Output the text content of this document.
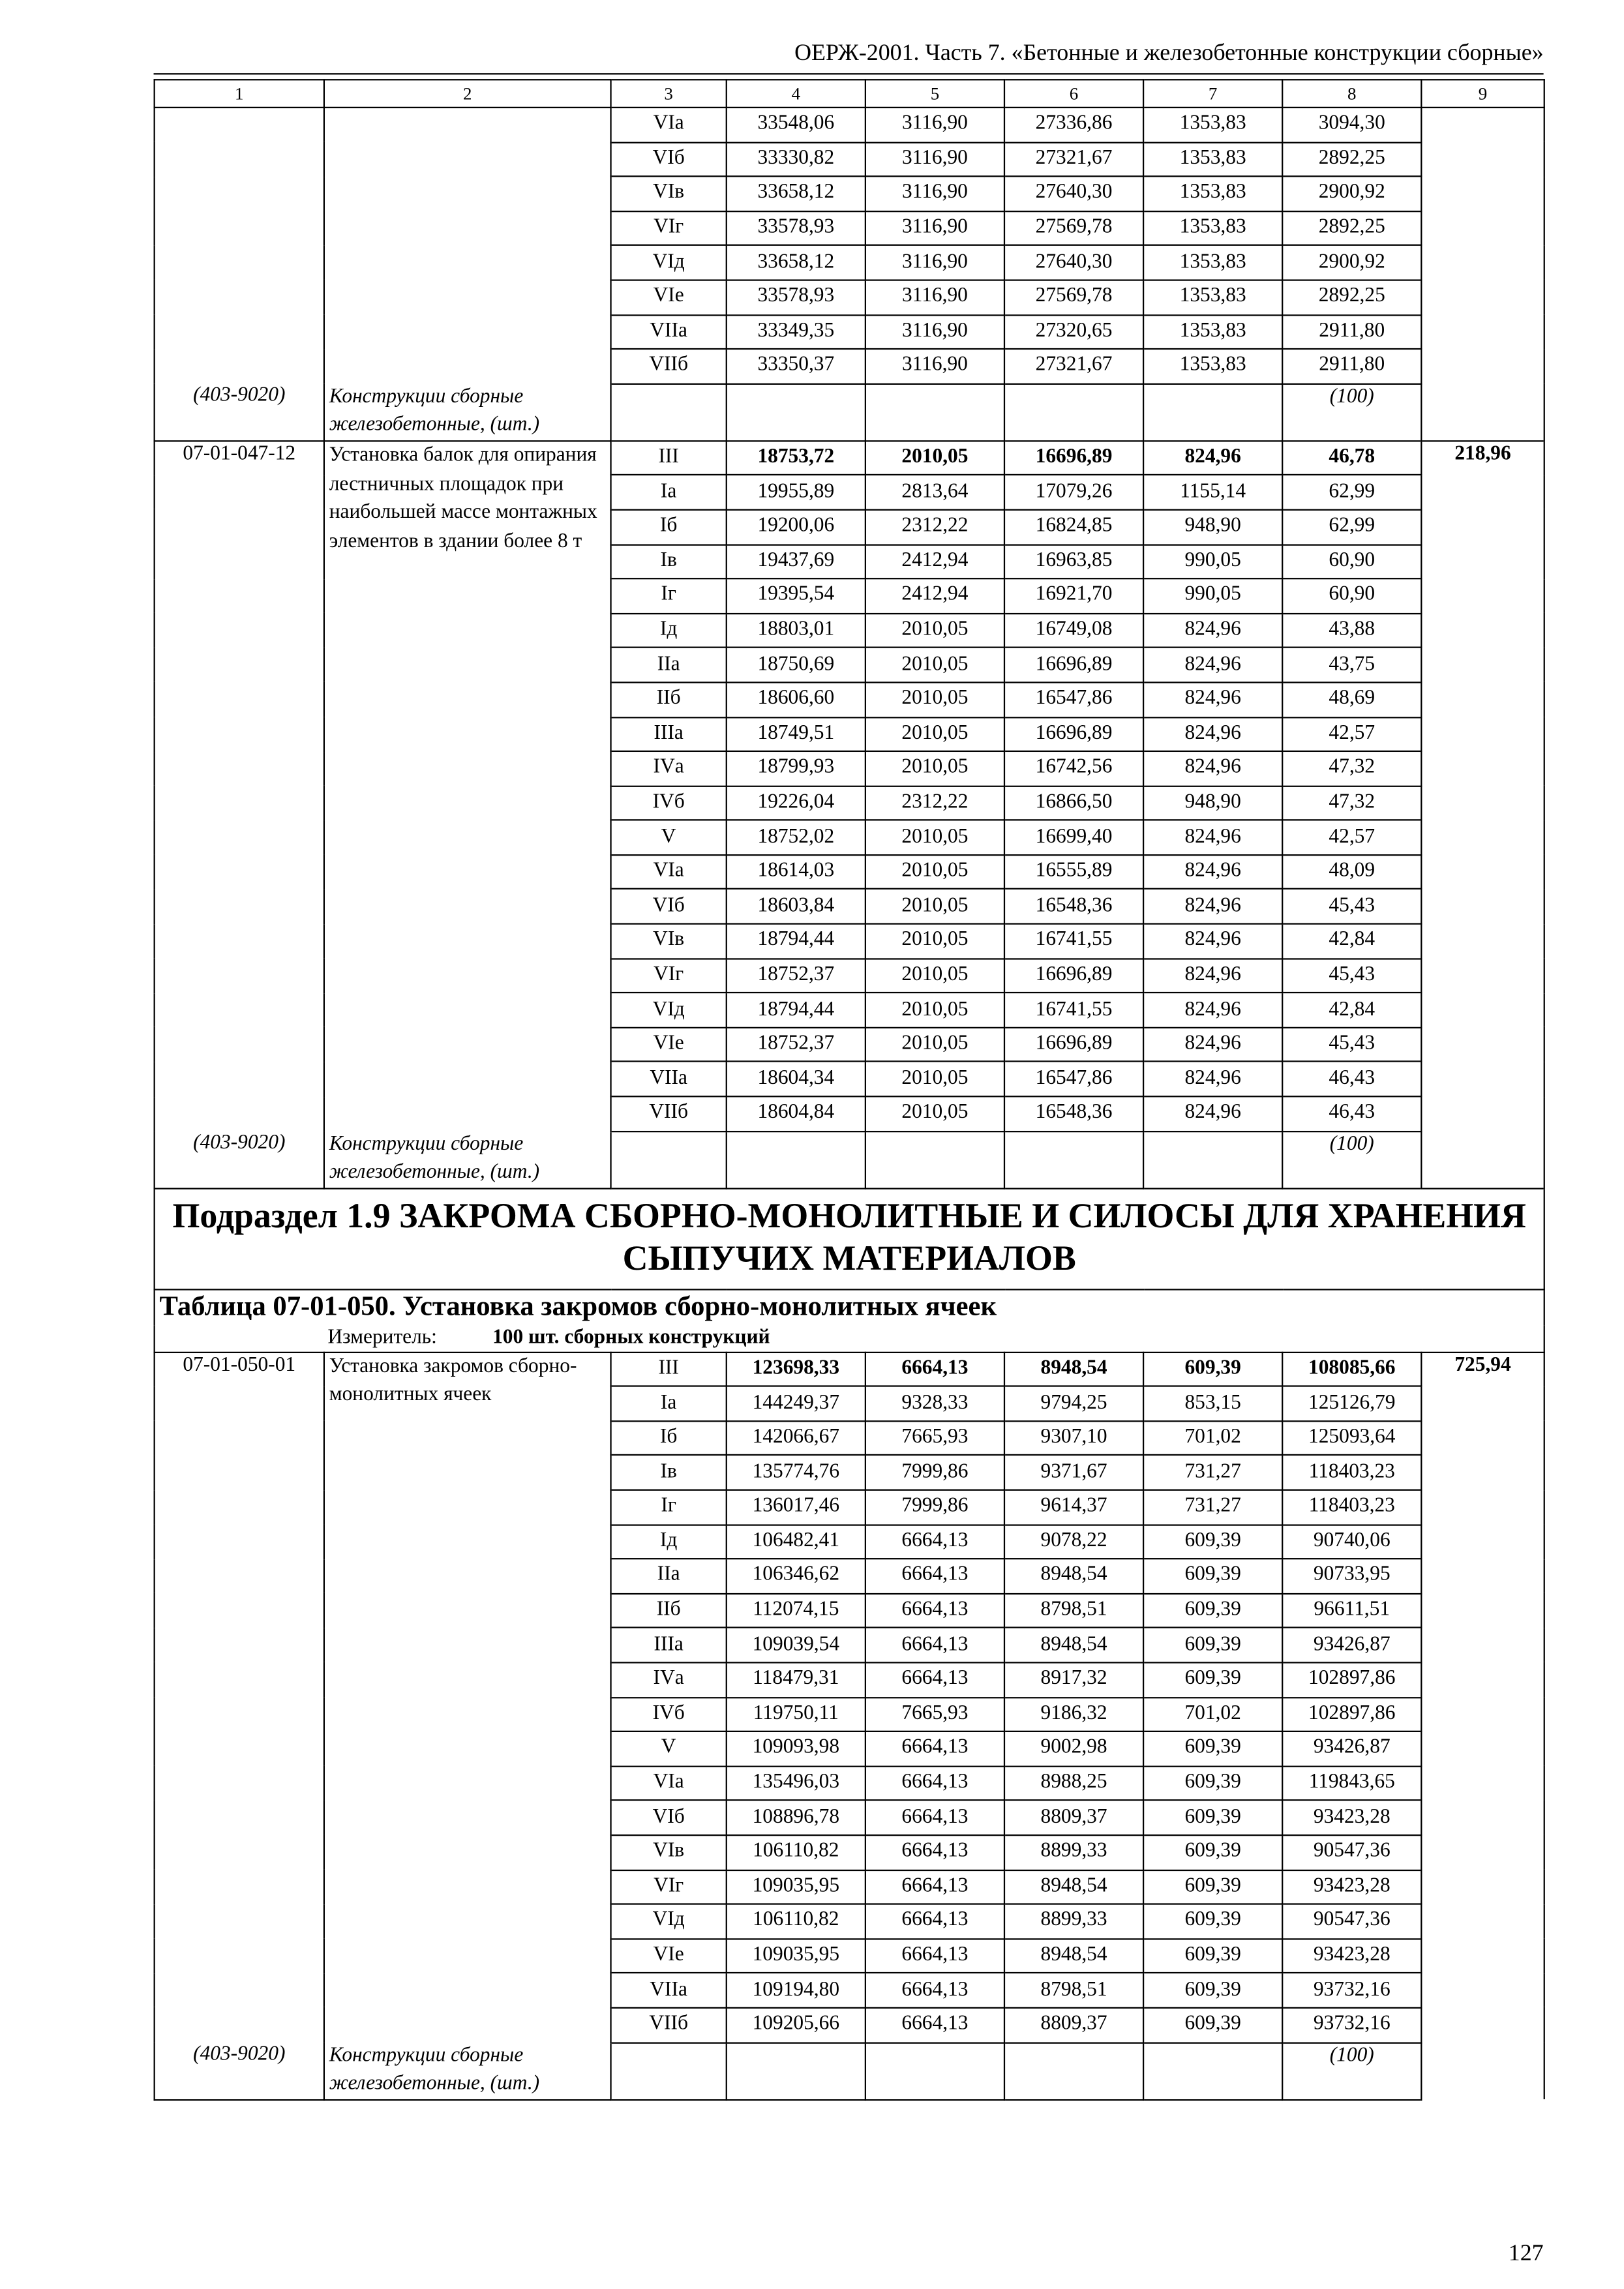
ОЕРЖ-2001. Часть 7. «Бетонные и железобетонные конструкции сборные»
1	2	3	4	5	6	7	8	9
		VIа	33548,06	3116,90	27336,86	1353,83	3094,30	
		VIб	33330,82	3116,90	27321,67	1353,83	2892,25	
		VIв	33658,12	3116,90	27640,30	1353,83	2900,92	
		VIг	33578,93	3116,90	27569,78	1353,83	2892,25	
		VIд	33658,12	3116,90	27640,30	1353,83	2900,92	
		VIе	33578,93	3116,90	27569,78	1353,83	2892,25	
		VIIа	33349,35	3116,90	27320,65	1353,83	2911,80	
		VIIб	33350,37	3116,90	27321,67	1353,83	2911,80	
(403-9020)	Конструкции сборные железобетонные, (шт.)						(100)	
07-01-047-12	Установка балок для опирания лестничных площадок при наибольшей массе монтажных элементов в здании более 8 т	III	18753,72	2010,05	16696,89	824,96	46,78	218,96
		Iа	19955,89	2813,64	17079,26	1155,14	62,99	
		Iб	19200,06	2312,22	16824,85	948,90	62,99	
		Iв	19437,69	2412,94	16963,85	990,05	60,90	
		Iг	19395,54	2412,94	16921,70	990,05	60,90	
		Iд	18803,01	2010,05	16749,08	824,96	43,88	
		IIа	18750,69	2010,05	16696,89	824,96	43,75	
		IIб	18606,60	2010,05	16547,86	824,96	48,69	
		IIIа	18749,51	2010,05	16696,89	824,96	42,57	
		IVа	18799,93	2010,05	16742,56	824,96	47,32	
		IVб	19226,04	2312,22	16866,50	948,90	47,32	
		V	18752,02	2010,05	16699,40	824,96	42,57	
		VIа	18614,03	2010,05	16555,89	824,96	48,09	
		VIб	18603,84	2010,05	16548,36	824,96	45,43	
		VIв	18794,44	2010,05	16741,55	824,96	42,84	
		VIг	18752,37	2010,05	16696,89	824,96	45,43	
		VIд	18794,44	2010,05	16741,55	824,96	42,84	
		VIе	18752,37	2010,05	16696,89	824,96	45,43	
		VIIа	18604,34	2010,05	16547,86	824,96	46,43	
		VIIб	18604,84	2010,05	16548,36	824,96	46,43	
(403-9020)	Конструкции сборные железобетонные, (шт.)						(100)	
Подраздел 1.9 ЗАКРОМА СБОРНО-МОНОЛИТНЫЕ И СИЛОСЫ ДЛЯ ХРАНЕНИЯ СЫПУЧИХ МАТЕРИАЛОВ								
Таблица 07-01-050. Установка закромов сборно-монолитных ячеек								
Измеритель: 100 шт. сборных конструкций								
07-01-050-01	Установка закромов сборно-монолитных ячеек	III	123698,33	6664,13	8948,54	609,39	108085,66	725,94
		Iа	144249,37	9328,33	9794,25	853,15	125126,79	
		Iб	142066,67	7665,93	9307,10	701,02	125093,64	
		Iв	135774,76	7999,86	9371,67	731,27	118403,23	
		Iг	136017,46	7999,86	9614,37	731,27	118403,23	
		Iд	106482,41	6664,13	9078,22	609,39	90740,06	
		IIа	106346,62	6664,13	8948,54	609,39	90733,95	
		IIб	112074,15	6664,13	8798,51	609,39	96611,51	
		IIIа	109039,54	6664,13	8948,54	609,39	93426,87	
		IVа	118479,31	6664,13	8917,32	609,39	102897,86	
		IVб	119750,11	7665,93	9186,32	701,02	102897,86	
		V	109093,98	6664,13	9002,98	609,39	93426,87	
		VIа	135496,03	6664,13	8988,25	609,39	119843,65	
		VIб	108896,78	6664,13	8809,37	609,39	93423,28	
		VIв	106110,82	6664,13	8899,33	609,39	90547,36	
		VIг	109035,95	6664,13	8948,54	609,39	93423,28	
		VIд	106110,82	6664,13	8899,33	609,39	90547,36	
		VIе	109035,95	6664,13	8948,54	609,39	93423,28	
		VIIа	109194,80	6664,13	8798,51	609,39	93732,16	
		VIIб	109205,66	6664,13	8809,37	609,39	93732,16	
(403-9020)	Конструкции сборные железобетонные, (шт.)						(100)	
127
